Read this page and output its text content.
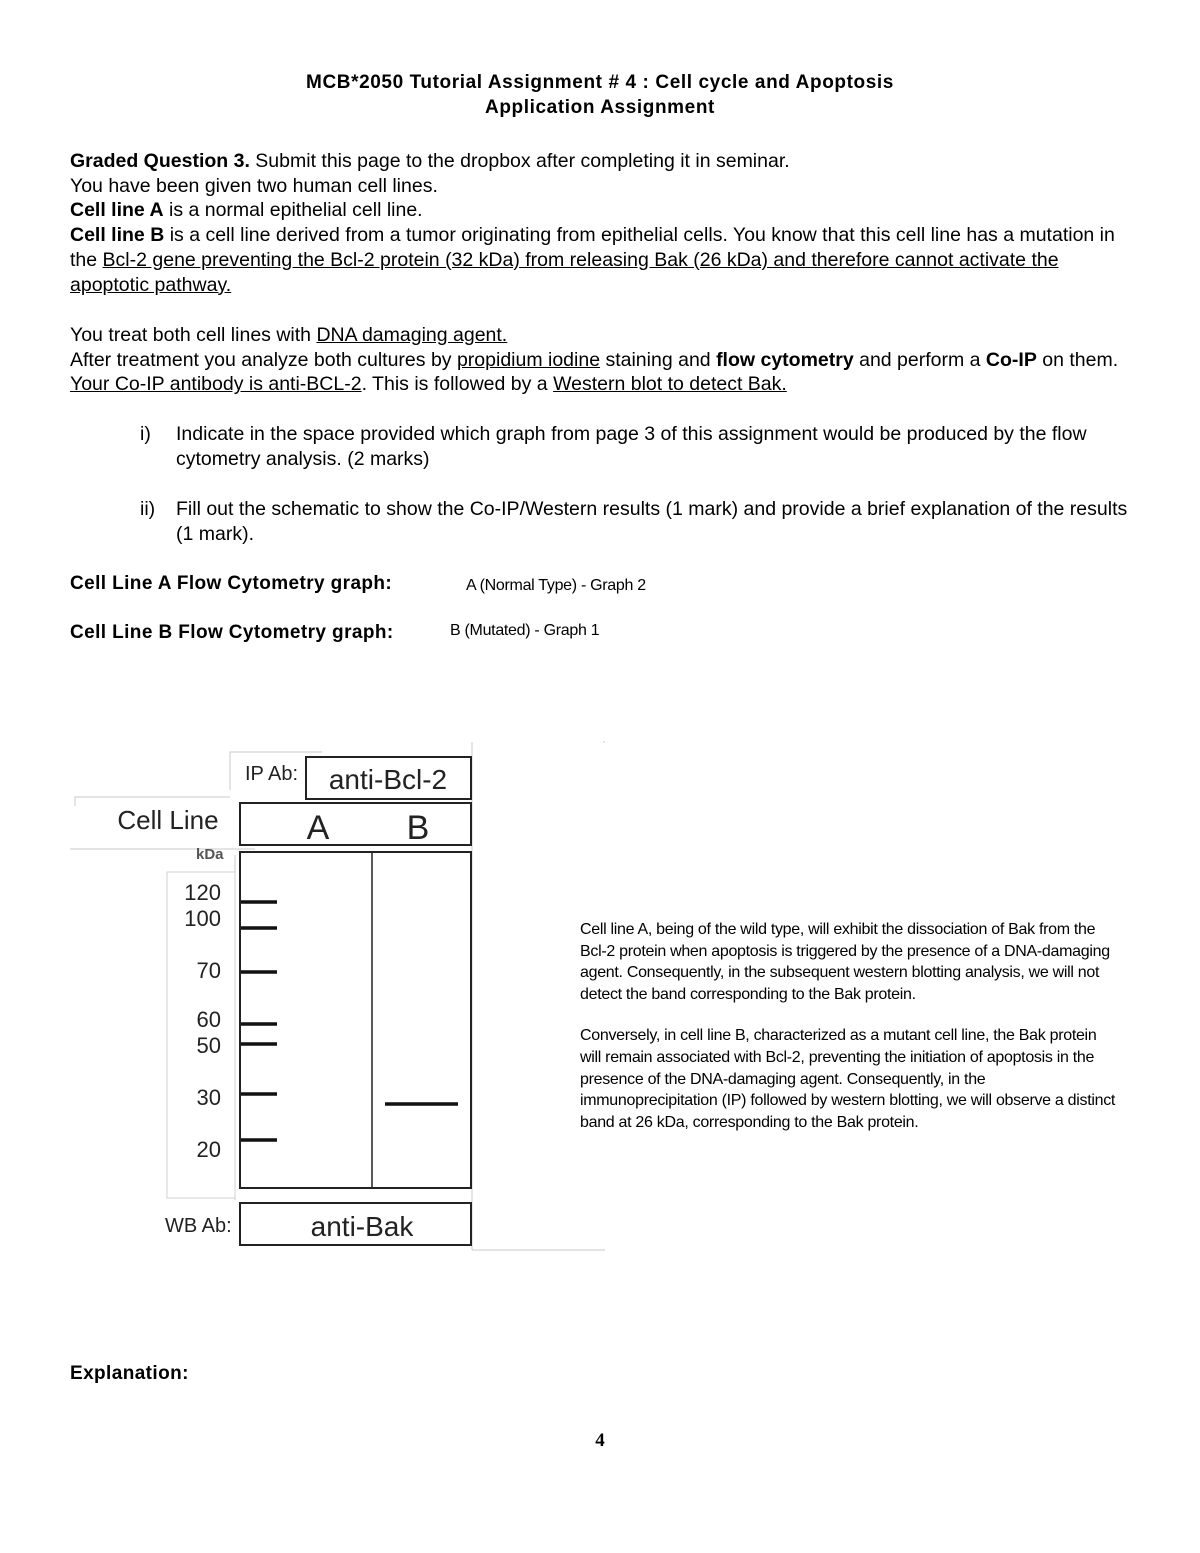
MCB*2050 Tutorial Assignment # 4 : Cell cycle and Apoptosis
Application Assignment

Graded Question 3. Submit this page to the dropbox after completing it in seminar.

You have been given two human cell lines.

Cell line A is a normal epithelial cell line.

Cell line B is a cell line derived from a tumor originating from epithelial cells. You know that this cell line has a mutation in the Bcl-2 gene preventing the Bcl-2 protein (32 kDa) from releasing Bak (26 kDa) and therefore cannot activate the apoptotic pathway.

You treat both cell lines with DNA damaging agent.

After treatment you analyze both cultures by propidium iodine staining and flow cytometry and perform a Co-IP on them. Your Co-IP antibody is anti-BCL-2. This is followed by a Western blot to detect Bak.

i) Indicate in the space provided which graph from page 3 of this assignment would be produced by the flow cytometry analysis. (2 marks)
ii) Fill out the schematic to show the Co-IP/Western results (1 mark) and provide a brief explanation of the results (1 mark).
Cell Line A Flow Cytometry graph:	A (Normal Type) - Graph 2
Cell Line B Flow Cytometry graph:	B (Mutated) - Graph 1
IP Ab: anti-Bcl-2
Cell Line	A B
kDa
120
100
70
60
50
30
20
WB Ab:	anti-Bak

Cell line A, being of the wild type, will exhibit the dissociation of Bak from the Bcl-2 protein when apoptosis is triggered by the presence of a DNA-damaging agent. Consequently, in the subsequent western blotting analysis, we will not detect the band corresponding to the Bak protein.

Conversely, in cell line B, characterized as a mutant cell line, the Bak protein will remain associated with Bcl-2, preventing the initiation of apoptosis in the presence of the DNA-damaging agent. Consequently, in the immunoprecipitation (IP) followed by western blotting, we will observe a distinct band at 26 kDa, corresponding to the Bak protein.

Explanation:
4
